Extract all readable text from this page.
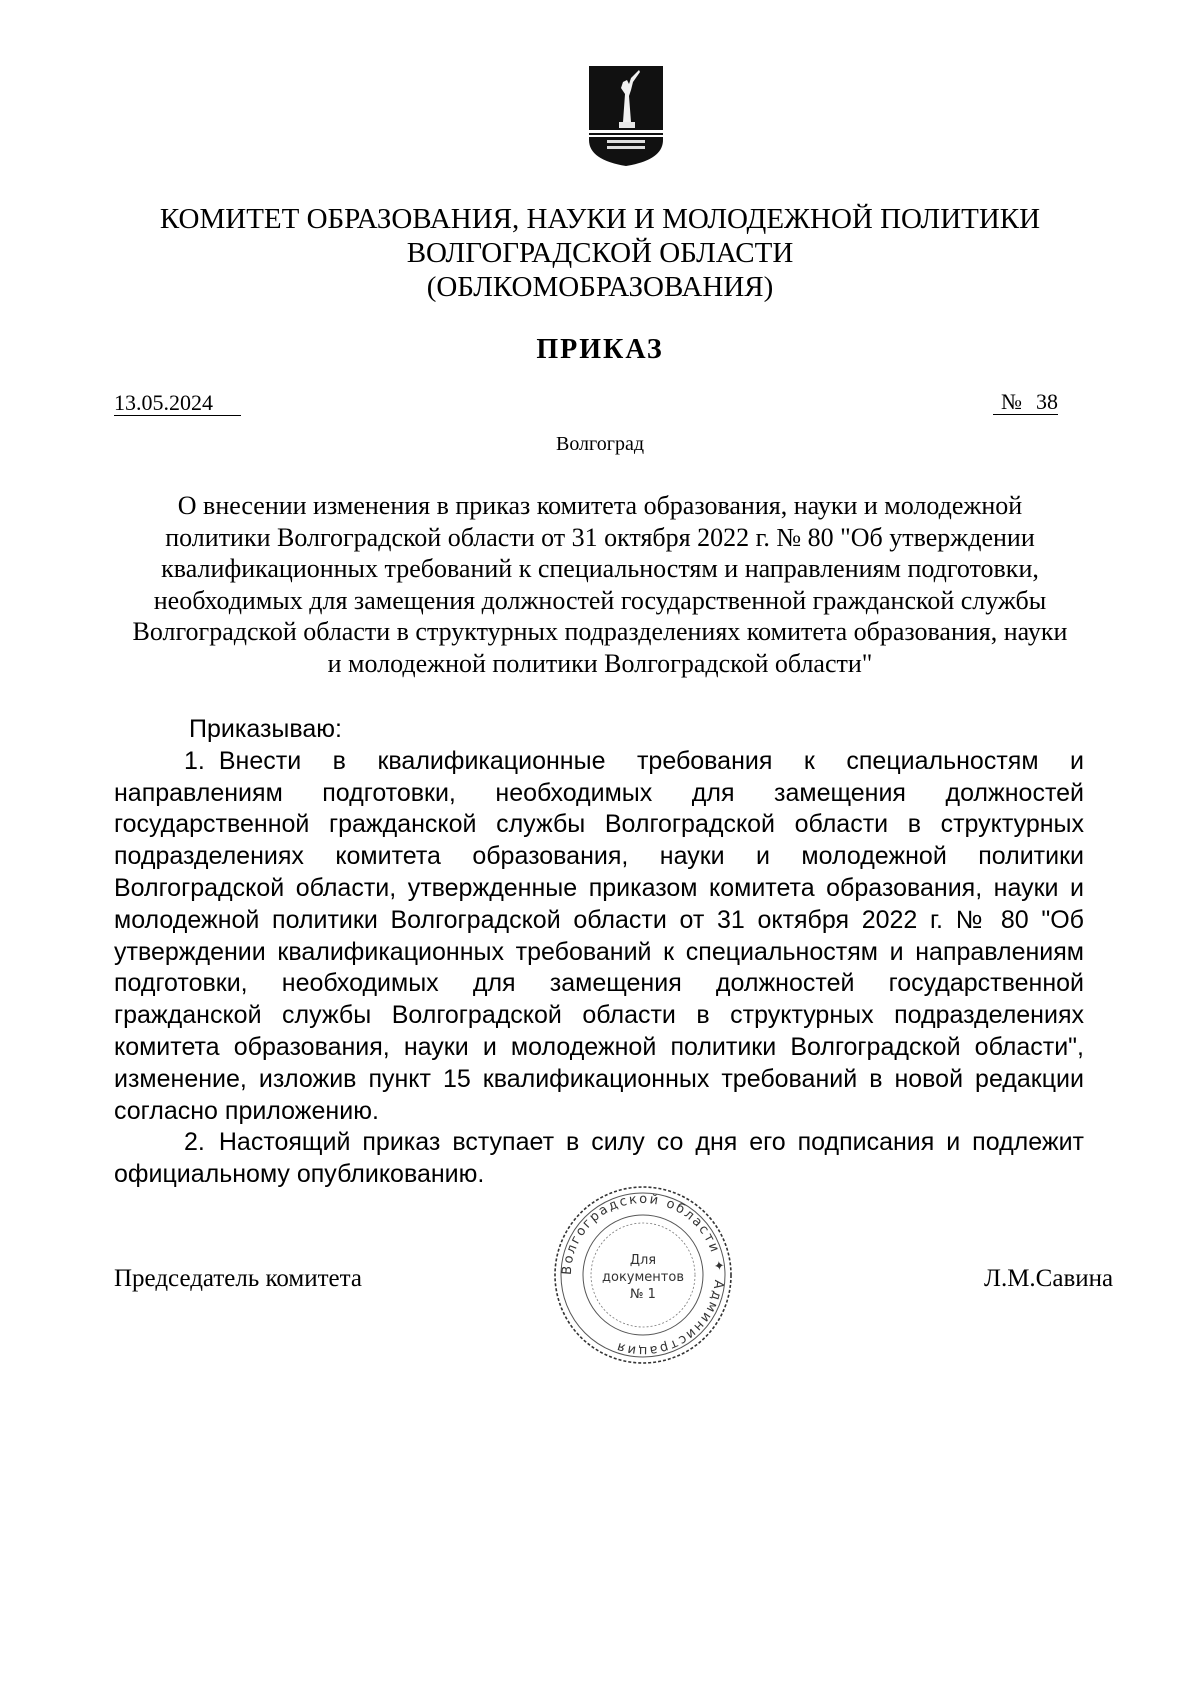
КОМИТЕТ ОБРАЗОВАНИЯ, НАУКИ И МОЛОДЕЖНОЙ ПОЛИТИКИ
ВОЛГОГРАДСКОЙ ОБЛАСТИ
(ОБЛКОМОБРАЗОВАНИЯ)
ПРИКАЗ
13.05.2024	№ 38
Волгоград
О внесении изменения в приказ комитета образования, науки и молодежной
политики Волгоградской области от 31 октября 2022 г. № 80 "Об утверждении
квалификационных требований к специальностям и направлениям подготовки,
необходимых для замещения должностей государственной гражданской службы
Волгоградской области в структурных подразделениях комитета образования, науки
и молодежной политики Волгоградской области"

Приказываю:

1. Внести в квалификационные требования к специальностям и направлениям подготовки, необходимых для замещения должностей государственной гражданской службы Волгоградской области в структурных подразделениях комитета образования, науки и молодежной политики Волгоградской области, утвержденные приказом комитета образования, науки и молодежной политики Волгоградской области от 31 октября 2022 г. № 80 "Об утверждении квалификационных требований к специальностям и направлениям подготовки, необходимых для замещения должностей государственной гражданской службы Волгоградской области в структурных подразделениях комитета образования, науки и молодежной политики Волгоградской области", изменение, изложив пункт 15 квалификационных требований в новой редакции согласно приложению.

2. Настоящий приказ вступает в силу со дня его подписания и подлежит официальному опубликованию.

Председатель комитета	Л.М.Савина
Волгоградской области ✦ Администрация
Для
документов
№ 1
